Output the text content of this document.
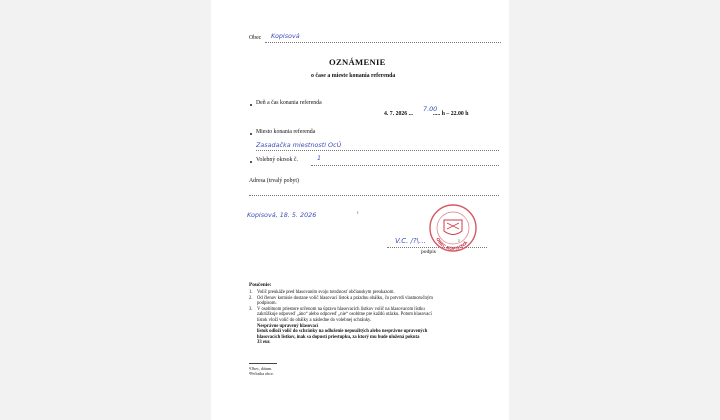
Obec Kopisová
OZNÁMENIE
o čase a mieste konania referenda
Deň a čas konania referenda
4. 7. 2026 ...
7.00
..... h – 22.00 h
Miesto konania referenda
Zasadačka miestnosti OcÚ
Volebný okrsok č.	1
Adresa (trvalý pobyt)
Kopisová, 18. 5. 2026	¹
OBEC KOPISOVÁ
V.C. /?\…
podpis
²
Poučenie:
1. Volič preukáže pred hlasovaním svoju totožnosť občianskym preukazom.
2. Od členov komisie dostane volič hlasovací lístok a prázdnu obálku, čo potvrdí vlastnoručným
podpisom.
3. V osobitnom priestore určenom na úpravu hlasovacích lístkov volič na hlasovacom lístku
zakrúžkuje odpoveď „áno“ alebo odpoveď „nie“ osobitne pre každú otázku. Potom hlasovací
lístok vloží volič do obálky a následne do volebnej schránky.
Nesprávne upravený hlasovací
lístok odloží volič do schránky na odloženie nepoužitých alebo nesprávne upravených
hlasovacích lístkov, inak sa dopustí priestupku, za ktorý mu bude uložená pokuta
33 eur.
¹Obec, dátum.
²Pečiatka obce.
